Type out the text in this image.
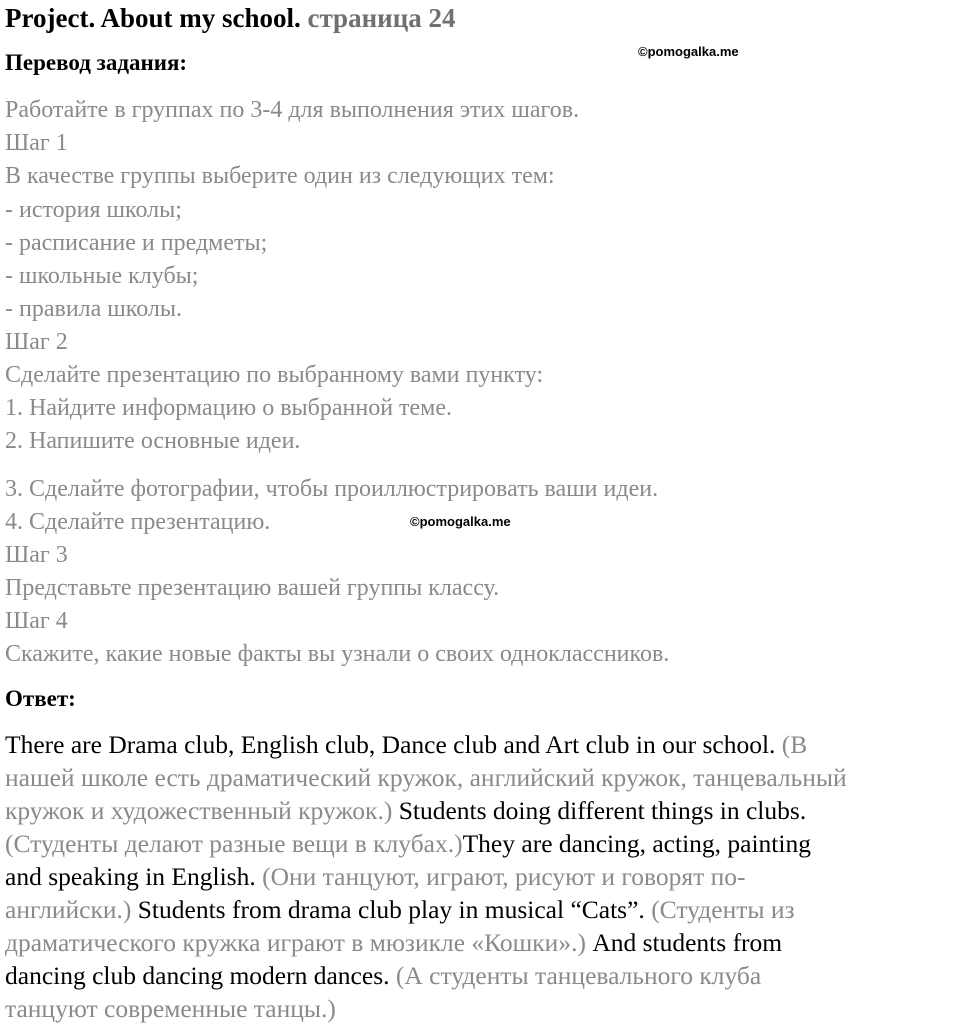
Project. About my school. страница 24
©pomogalka.me
Перевод задания:
Работайте в группах по 3-4 для выполнения этих шагов.
Шаг 1
В качестве группы выберите один из следующих тем:
- история школы;
- расписание и предметы;
- школьные клубы;
- правила школы.
Шаг 2
Сделайте презентацию по выбранному вами пункту:
1. Найдите информацию о выбранной теме.
2. Напишите основные идеи.
3. Сделайте фотографии, чтобы проиллюстрировать ваши идеи.
4. Сделайте презентацию.	©pomogalka.me
Шаг 3
Представьте презентацию вашей группы классу.
Шаг 4
Скажите, какие новые факты вы узнали о своих одноклассников.
Ответ:
There are Drama club, English club, Dance club and Art club in our school. (В
нашей школе есть драматический кружок, английский кружок, танцевальный
кружок и художественный кружок.) Students doing different things in clubs.
(Студенты делают разные вещи в клубах.)They are dancing, acting, painting
and speaking in English. (Они танцуют, играют, рисуют и говорят по-
английски.) Students from drama club play in musical “Cats”. (Студенты из
драматического кружка играют в мюзикле «Кошки».) And students from
dancing club dancing modern dances. (А студенты танцевального клуба
танцуют современные танцы.)
